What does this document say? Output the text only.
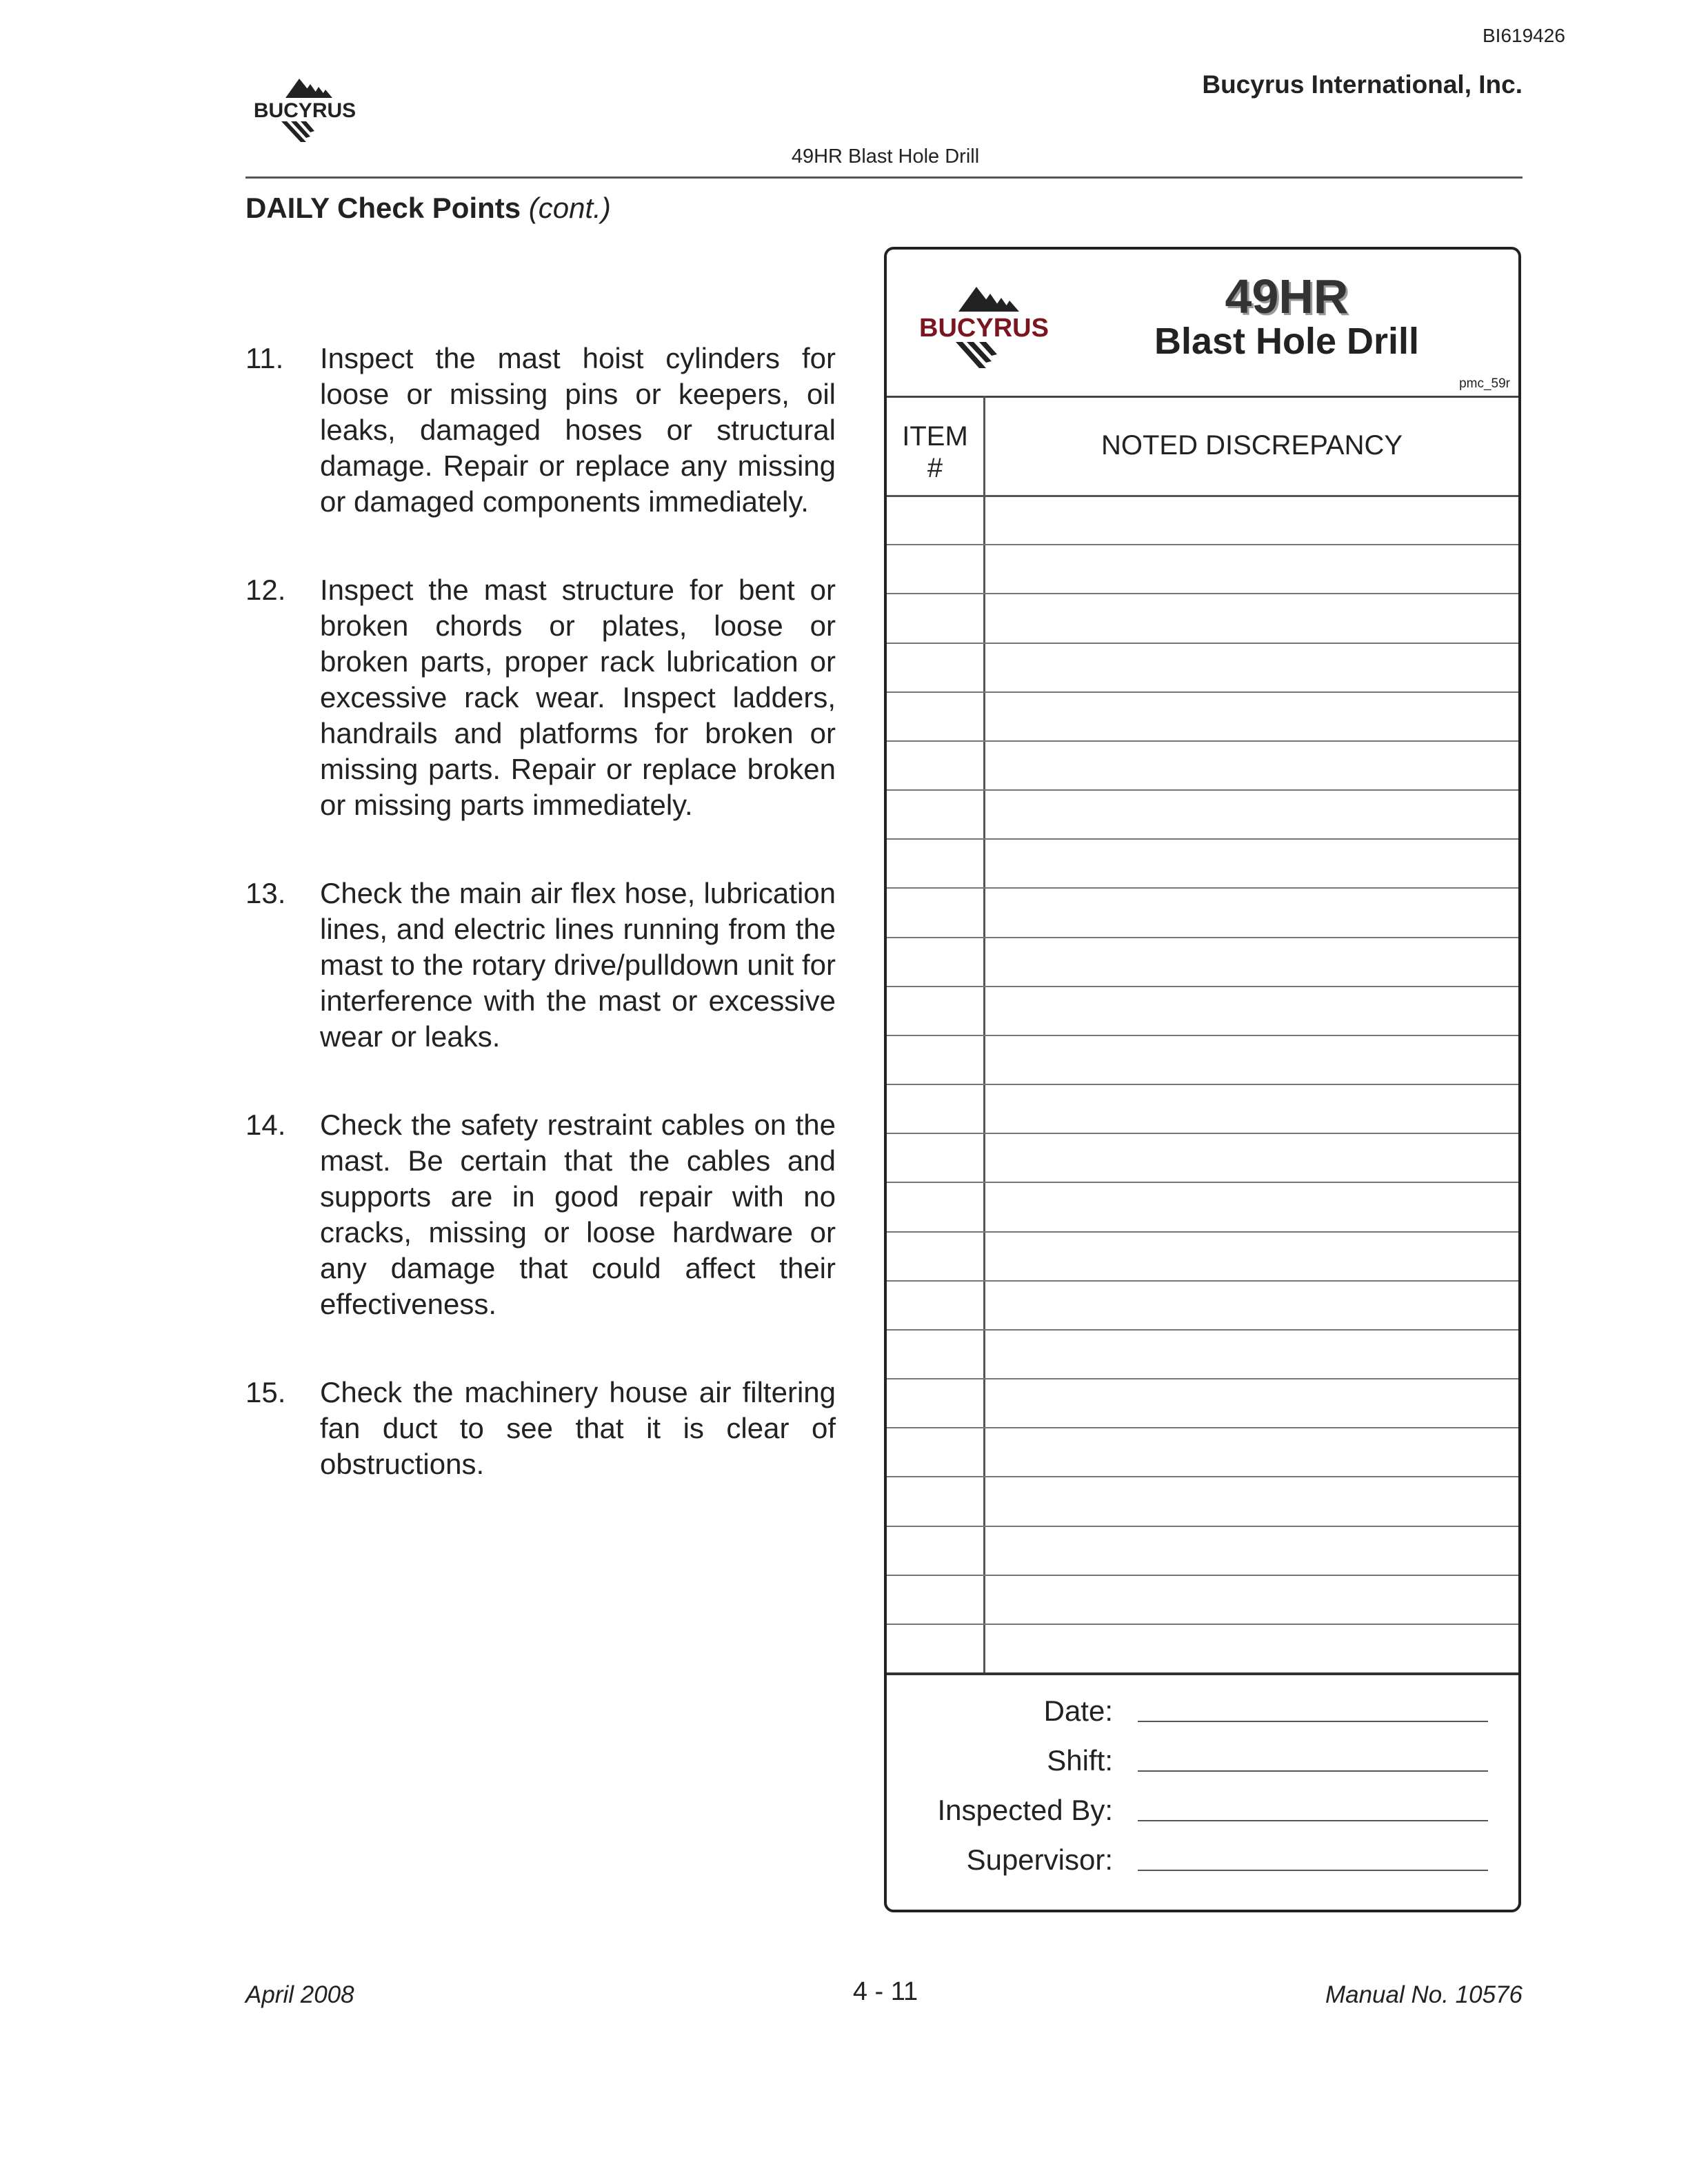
BI619426
Bucyrus International, Inc.
BUCYRUS
49HR Blast Hole Drill
DAILY Check Points (cont.)
11. Inspect the mast hoist cylinders for loose or missing pins or keepers, oil leaks, damaged hoses or structural damage. Repair or replace any missing or damaged components immediately.
12. Inspect the mast structure for bent or broken chords or plates, loose or broken parts, proper rack lubrication or excessive rack wear. Inspect ladders, handrails and platforms for broken or missing parts. Repair or replace broken or missing parts immediately.
13. Check the main air flex hose, lubrication lines, and electric lines running from the mast to the rotary drive/pulldown unit for interference with the mast or excessive wear or leaks.
14. Check the safety restraint cables on the mast. Be certain that the cables and supports are in good repair with no cracks, missing or loose hardware or any damage that could affect their effectiveness.
15. Check the machinery house air filtering fan duct to see that it is clear of obstructions.
BUCYRUS
49HR
Blast Hole Drill
pmc_59r
ITEM
#
NOTED DISCREPANCY
Date:
Shift:
Inspected By:
Supervisor:
April 2008	4 - 11	Manual No. 10576
